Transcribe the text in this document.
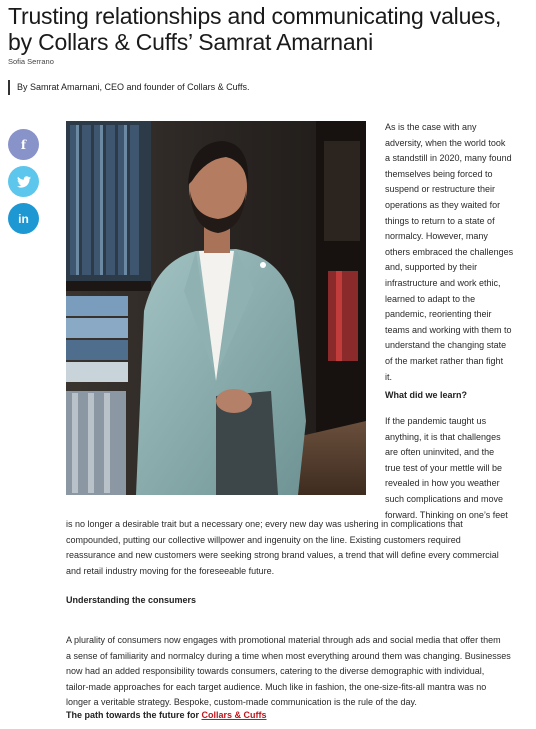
Trusting relationships and communicating values, by Collars & Cuffs’ Samrat Amarnani
Sofia Serrano
By Samrat Amarnani, CEO and founder of Collars & Cuffs.
f
in
As is the case with any
adversity, when the world took
a standstill in 2020, many found
themselves being forced to
suspend or restructure their
operations as they waited for
things to return to a state of
normalcy. However, many
others embraced the challenges
and, supported by their
infrastructure and work ethic,
learned to adapt to the
pandemic, reorienting their
teams and working with them to
understand the changing state
of the market rather than fight
it.
What did we learn?
If the pandemic taught us
anything, it is that challenges
are often uninvited, and the
true test of your mettle will be
revealed in how you weather
such complications and move
forward. Thinking on one’s feet
is no longer a desirable trait but a necessary one; every new day was ushering in complications that
compounded, putting our collective willpower and ingenuity on the line. Existing customers required
reassurance and new customers were seeking strong brand values, a trend that will define every commercial
and retail industry moving for the foreseeable future.
Understanding the consumers
A plurality of consumers now engages with promotional material through ads and social media that offer them
a sense of familiarity and normalcy during a time when most everything around them was changing. Businesses
now had an added responsibility towards consumers, catering to the diverse demographic with individual,
tailor-made approaches for each target audience. Much like in fashion, the one-size-fits-all mantra was no
longer a veritable strategy. Bespoke, custom-made communication is the rule of the day.
The path towards the future for Collars & Cuffs
